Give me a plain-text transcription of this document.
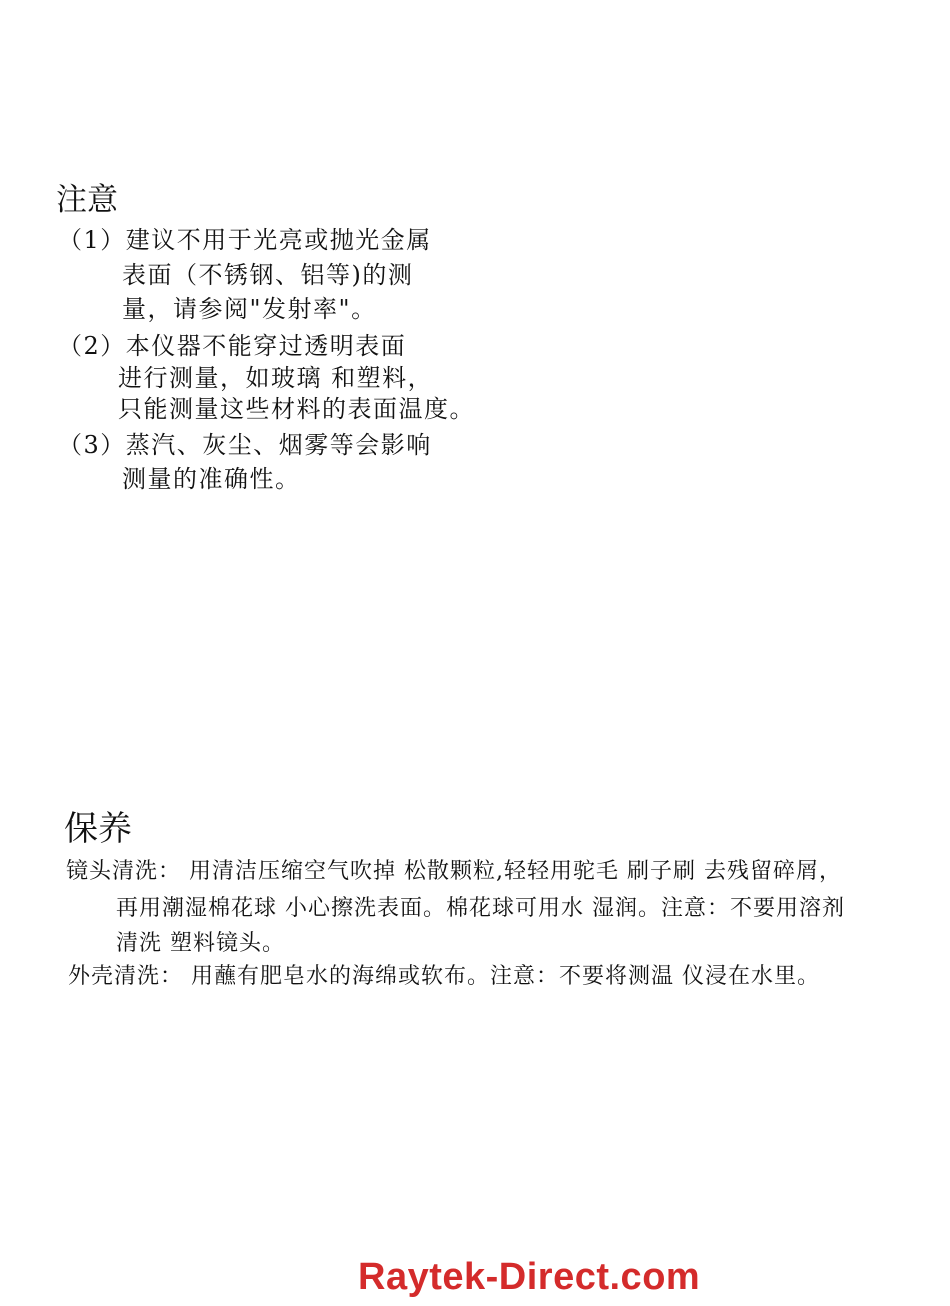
注意
（1）建议不用于光亮或抛光金属
表面（不锈钢、铝等)的测
量，请参阅"发射率"。
（2）本仪器不能穿过透明表面
进行测量，如玻璃 和塑料，
只能测量这些材料的表面温度。
（3）蒸汽、灰尘、烟雾等会影响
测量的准确性。
保养
镜头清洗： 用清洁压缩空气吹掉 松散颗粒,轻轻用驼毛 刷子刷 去残留碎屑，
再用潮湿棉花球 小心擦洗表面。棉花球可用水 湿润。注意：不要用溶剂
清洗 塑料镜头。
外壳清洗： 用蘸有肥皂水的海绵或软布。注意：不要将测温 仪浸在水里。
Raytek-Direct.com
